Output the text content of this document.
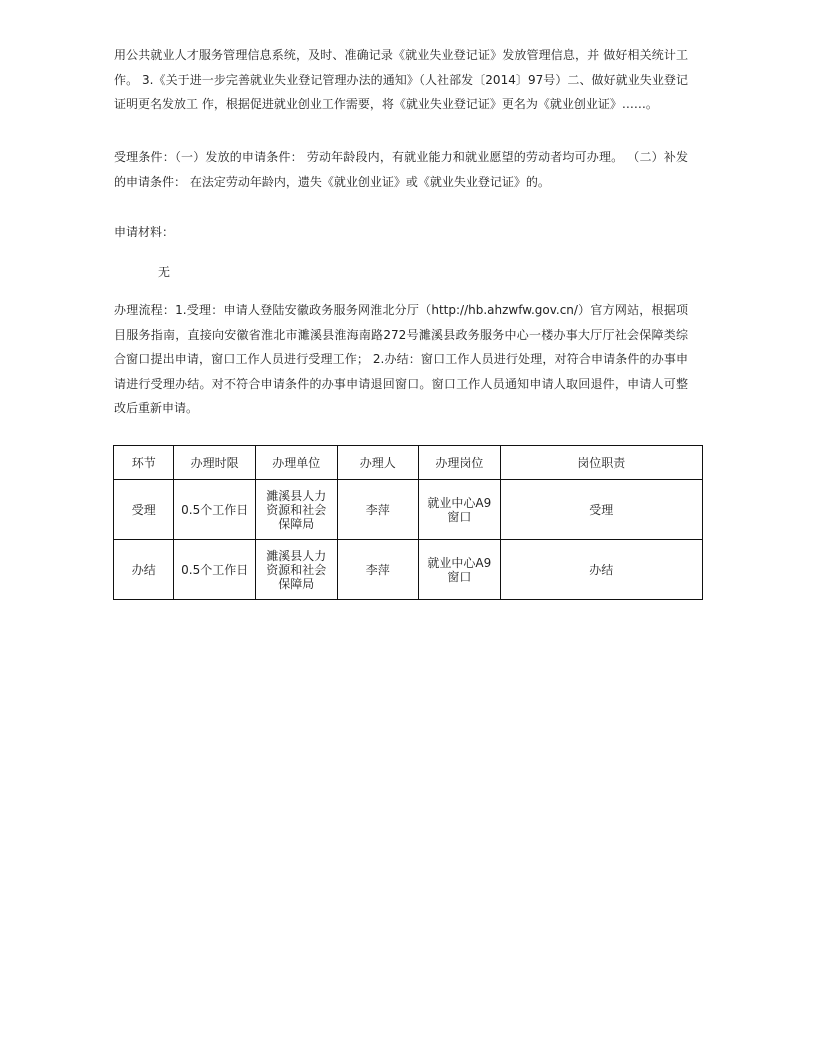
用公共就业人才服务管理信息系统，及时、准确记录《就业失业登记证》发放管理信息，并 做好相关统计工作。 3.《关于进一步完善就业失业登记管理办法的通知》（人社部发〔2014〕97号）二、做好就业失业登记证明更名发放工 作，根据促进就业创业工作需要，将《就业失业登记证》更名为《就业创业证》……。

受理条件：（一）发放的申请条件： 劳动年龄段内，有就业能力和就业愿望的劳动者均可办理。 （二）补发的申请条件： 在法定劳动年龄内，遗失《就业创业证》或《就业失业登记证》的。

申请材料：

无

办理流程：1.受理：申请人登陆安徽政务服务网淮北分厅（http://hb.ahzwfw.gov.cn/）官方网站，根据项目服务指南，直接向安徽省淮北市濉溪县淮海南路272号濉溪县政务服务中心一楼办事大厅厅社会保障类综合窗口提出申请，窗口工作人员进行受理工作； 2.办结：窗口工作人员进行处理，对符合申请条件的办事申请进行受理办结。对不符合申请条件的办事申请退回窗口。窗口工作人员通知申请人取回退件，申请人可整改后重新申请。

环节	办理时限	办理单位	办理人	办理岗位	岗位职责
受理	0.5个工作日	濉溪县人力资源和社会保障局	李萍	就业中心A9窗口	受理
办结	0.5个工作日	濉溪县人力资源和社会保障局	李萍	就业中心A9窗口	办结
